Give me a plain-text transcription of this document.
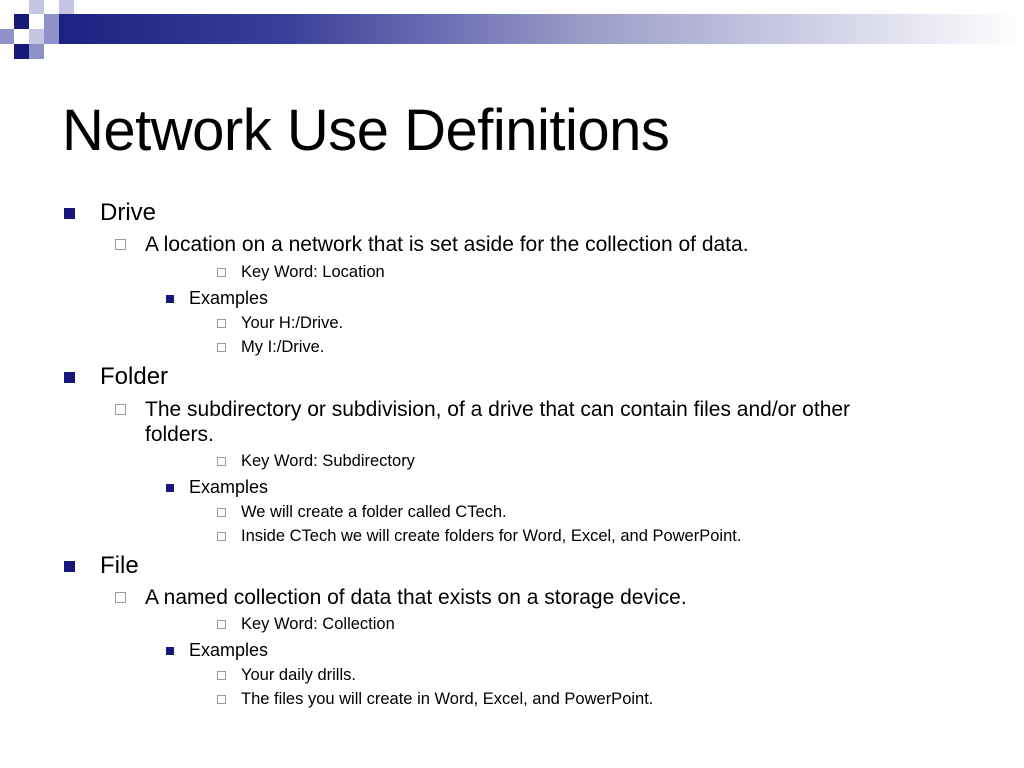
Network Use Definitions
Drive
A location on a network that is set aside for the collection of data.
Key Word: Location
Examples
Your H:/Drive.
My I:/Drive.
Folder
The subdirectory or subdivision, of a drive that can contain files and/or other
folders.
Key Word: Subdirectory
Examples
We will create a folder called CTech.
Inside CTech we will create folders for Word, Excel, and PowerPoint.
File
A named collection of data that exists on a storage device.
Key Word: Collection
Examples
Your daily drills.
The files you will create in Word, Excel, and PowerPoint.
